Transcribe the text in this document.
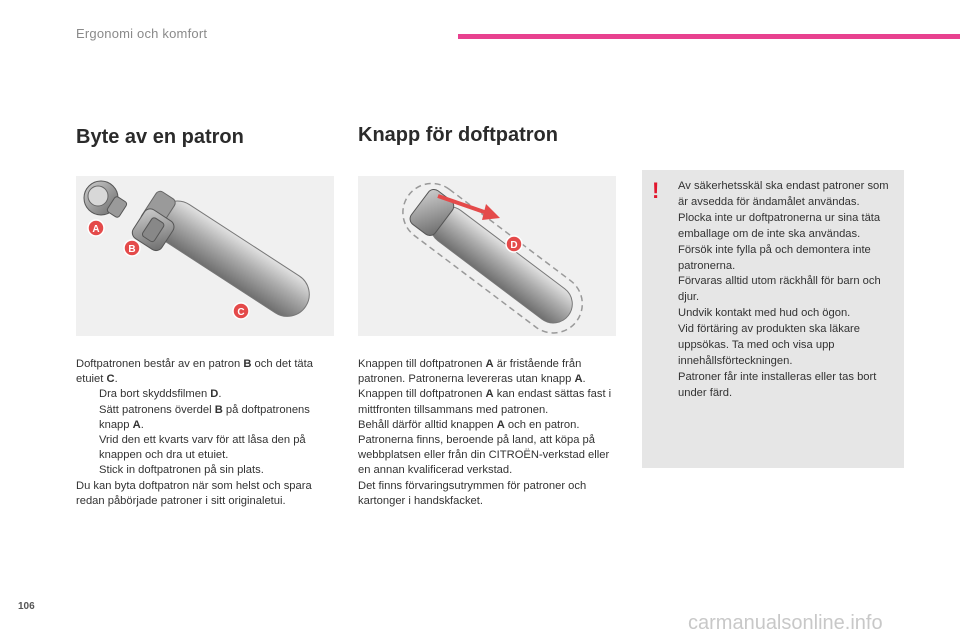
Ergonomi och komfort
Byte av en patron	Knapp för doftpatron
A
B
C
D

Doftpatronen består av en patron B och det täta etuiet C.

Dra bort skyddsfilmen D.

Sätt patronens överdel B på doftpatronens knapp A.

Vrid den ett kvarts varv för att låsa den på knappen och dra ut etuiet.

Stick in doftpatronen på sin plats.

Du kan byta doftpatron när som helst och spara redan påbörjade patroner i sitt originaletui.

Knappen till doftpatronen A är fristående från patronen. Patronerna levereras utan knapp A.

Knappen till doftpatronen A kan endast sättas fast i mittfronten tillsammans med patronen.

Behåll därför alltid knappen A och en patron.

Patronerna finns, beroende på land, att köpa på webbplatsen eller från din CITROËN-verkstad eller en annan kvalificerad verkstad.

Det finns förvaringsutrymmen för patroner och kartonger i handskfacket.

!	Av säkerhetsskäl ska endast patroner som är avsedda för ändamålet användas.

Plocka inte ur doftpatronerna ur sina täta emballage om de inte ska användas.

Försök inte fylla på och demontera inte patronerna.

Förvaras alltid utom räckhåll för barn och djur.

Undvik kontakt med hud och ögon.

Vid förtäring av produkten ska läkare uppsökas. Ta med och visa upp innehållsförteckningen.

Patroner får inte installeras eller tas bort under färd.

106
carmanualsonline.info
